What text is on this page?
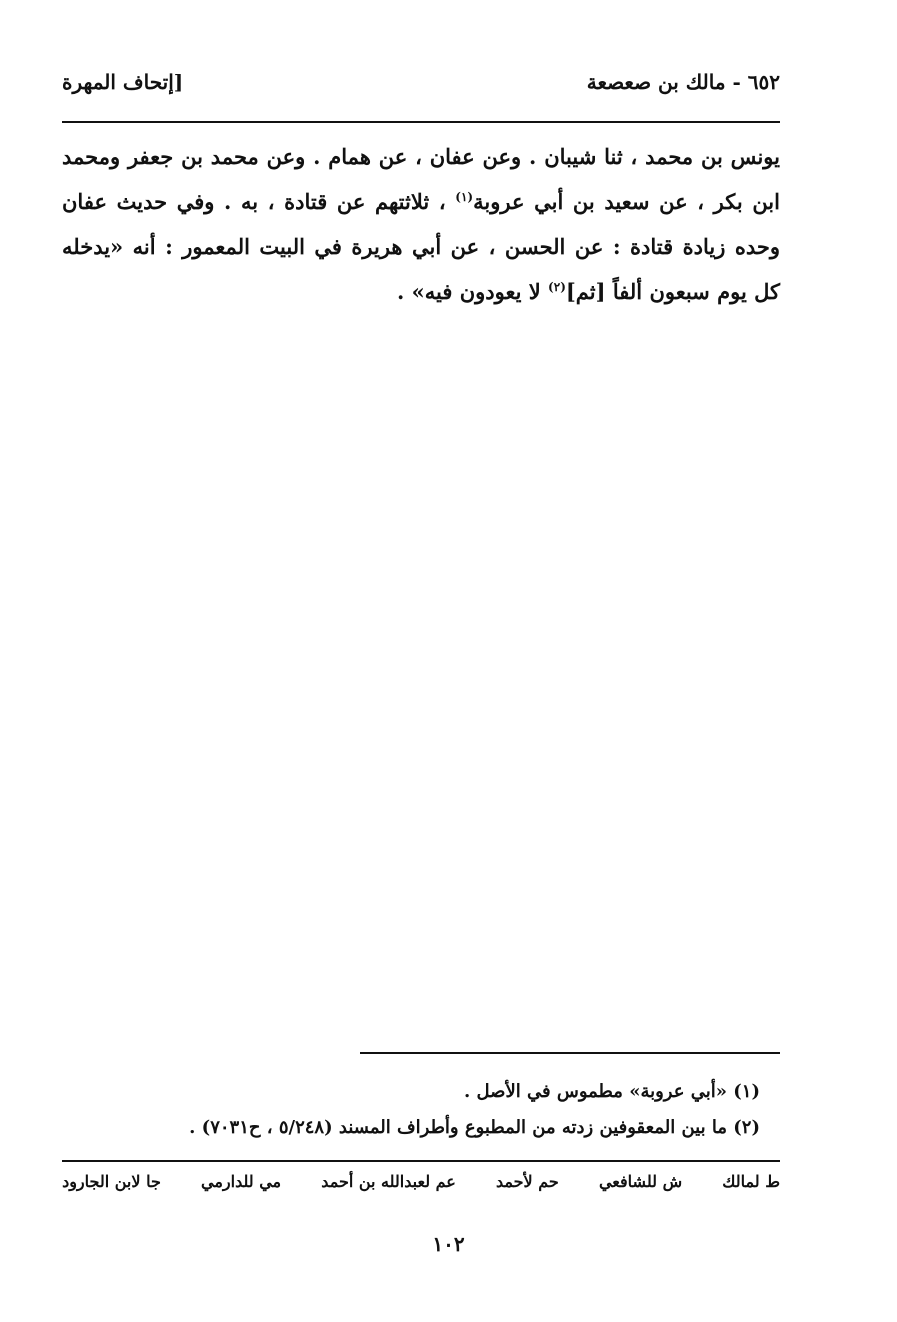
٦٥٢ - مالك بن صعصعة
[إتحاف المهرة
يونس بن محمد ، ثنا شيبان . وعن عفان ، عن همام . وعن محمد بن جعفر ومحمد ابن بكر ، عن سعيد بن أبي عروبة$^{(١)}$ ، ثلاثتهم عن قتادة ، به . وفي حديث عفان وحده زيادة قتادة : عن الحسن ، عن أبي هريرة في البيت المعمور : أنه «يدخله كل يوم سبعون ألفاً [ثم]$^{(٢)}$ لا يعودون فيه» .
(١) «أبي عروبة» مطموس في الأصل .
(٢) ما بين المعقوفين زدته من المطبوع وأطراف المسند (٥/٢٤٨ ، ح٧٠٣١) .
ط لمالك
ش للشافعي
حم لأحمد
عم لعبدالله بن أحمد
مي للدارمي
جا لابن الجارود
١٠٢
